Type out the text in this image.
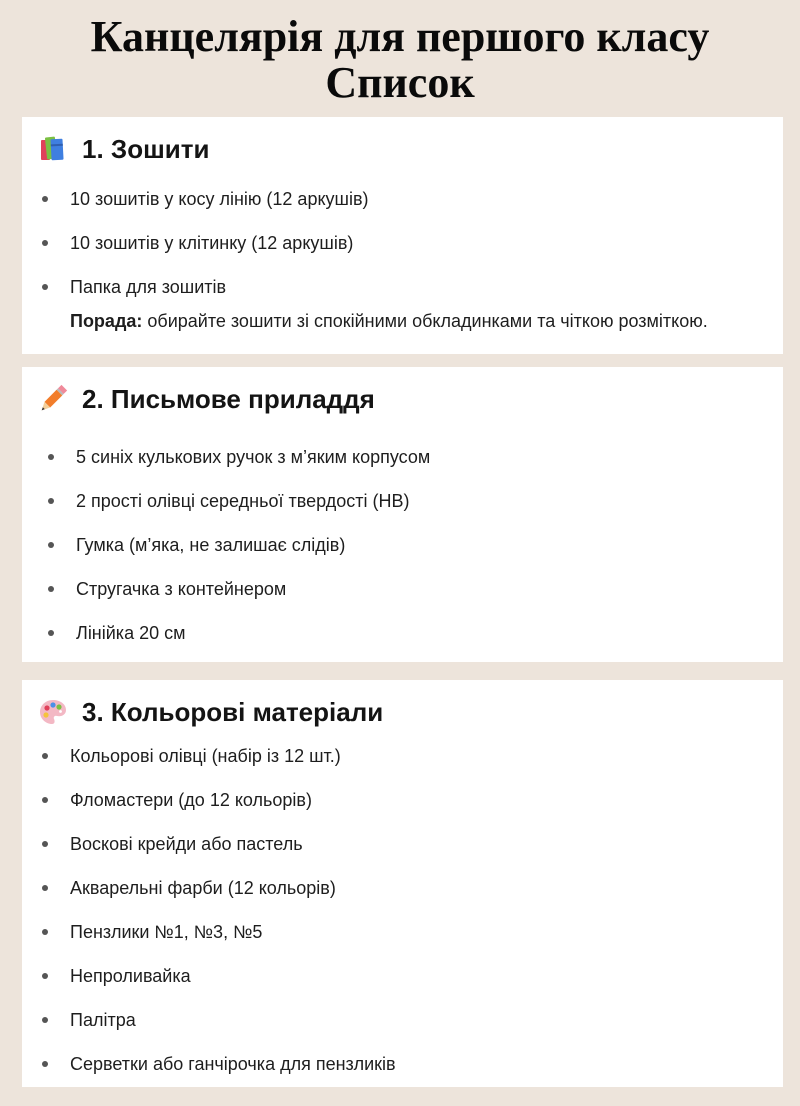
Канцелярія для першого класу
Список
1. Зошити
10 зошитів у косу лінію (12 аркушів)
10 зошитів у клітинку (12 аркушів)
Папка для зошитів
Порада: обирайте зошити зі спокійними обкладинками та чіткою розміткою.
2. Письмове приладдя
5 синіх кулькових ручок з м’яким корпусом
2 прості олівці середньої твердості (HB)
Гумка (м’яка, не залишає слідів)
Стругачка з контейнером
Лінійка 20 см
3. Кольорові матеріали
Кольорові олівці (набір із 12 шт.)
Фломастери (до 12 кольорів)
Воскові крейди або пастель
Акварельні фарби (12 кольорів)
Пензлики №1, №3, №5
Непроливайка
Палітра
Серветки або ганчірочка для пензликів
